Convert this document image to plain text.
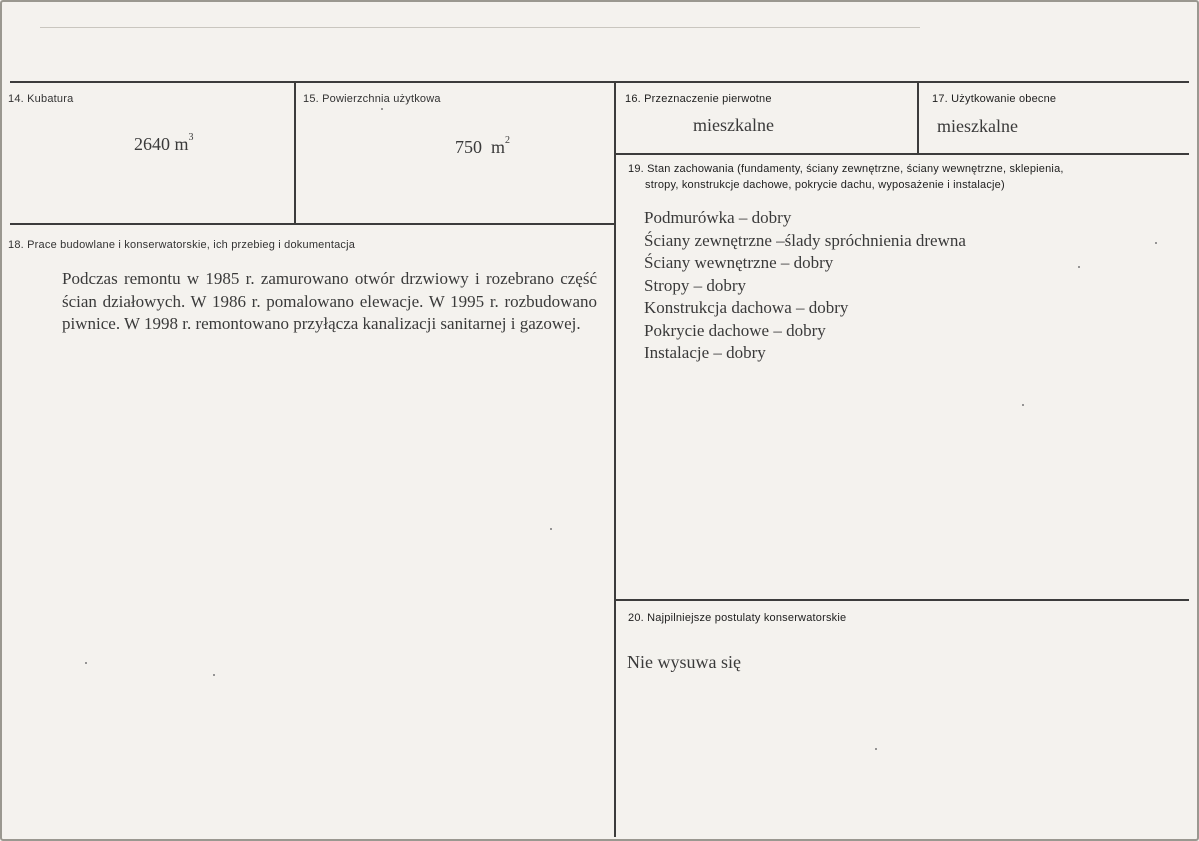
14. Kubatura
2640 $m^3$
15. Powierzchnia użytkowa
750  $m^2$
16. Przeznaczenie pierwotne
mieszkalne
17. Użytkowanie obecne
mieszkalne
18. Prace budowlane i konserwatorskie, ich przebieg i dokumentacja

Podczas remontu w 1985 r. zamurowano otwór drzwiowy i rozebrano część ścian działowych. W 1986 r. pomalowano elewacje. W 1995 r. rozbudowano piwnice. W 1998 r. remontowano przyłącza kanalizacji sanitarnej i gazowej.

19. Stan zachowania (fundamenty, ściany zewnętrzne, ściany wewnętrzne, sklepienia,
stropy, konstrukcje dachowe, pokrycie dachu, wyposażenie i instalacje)
Podmurówka – dobry
Ściany zewnętrzne –ślady spróchnienia drewna
Ściany wewnętrzne – dobry
Stropy – dobry
Konstrukcja dachowa – dobry
Pokrycie dachowe – dobry
Instalacje – dobry
20. Najpilniejsze postulaty konserwatorskie
Nie wysuwa się
